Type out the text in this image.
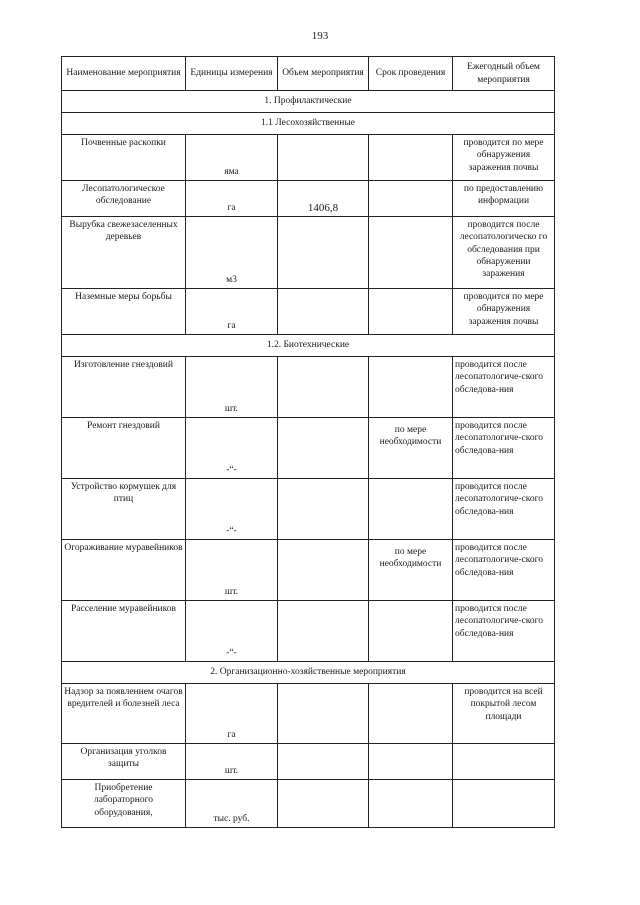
193
Наименование мероприятия	Единицы измерения	Объем мероприятия	Срок проведения	Ежегодный объем мероприятия
1. Профилактические				
1.1 Лесохозяйственные				
Почвенные раскопки	яма			проводится по мере обнаружения заражения почвы
Лесопатологическое обследование	га	1406,8		по предоставлению информации
Вырубка свежезаселенных деревьев	м3			проводится после лесопатологическо го обследования при обнаружении заражения
Наземные меры борьбы	га			проводится по мере обнаружения заражения почвы
1.2. Биотехнические				
Изготовление гнездовий	шт.			проводится после лесопатологиче-ского обследова-ния
Ремонт гнездовий	-“-		по мере необходимости	проводится после лесопатологиче-ского обследова-ния
Устройство кормушек для птиц	-“-			проводится после лесопатологиче-ского обследова-ния
Огораживание муравейников	шт.		по мере необходимости	проводится после лесопатологиче-ского обследова-ния
Расселение муравейников	-“-			проводится после лесопатологиче-ского обследова-ния
2. Организационно-хозяйственные мероприятия				
Надзор за появлением очагов вредителей и болезней леса	га			проводится на всей покрытой лесом площади
Организация уголков защиты	шт.			
Приобретение лабораторного оборудования,	тыс. руб.			
